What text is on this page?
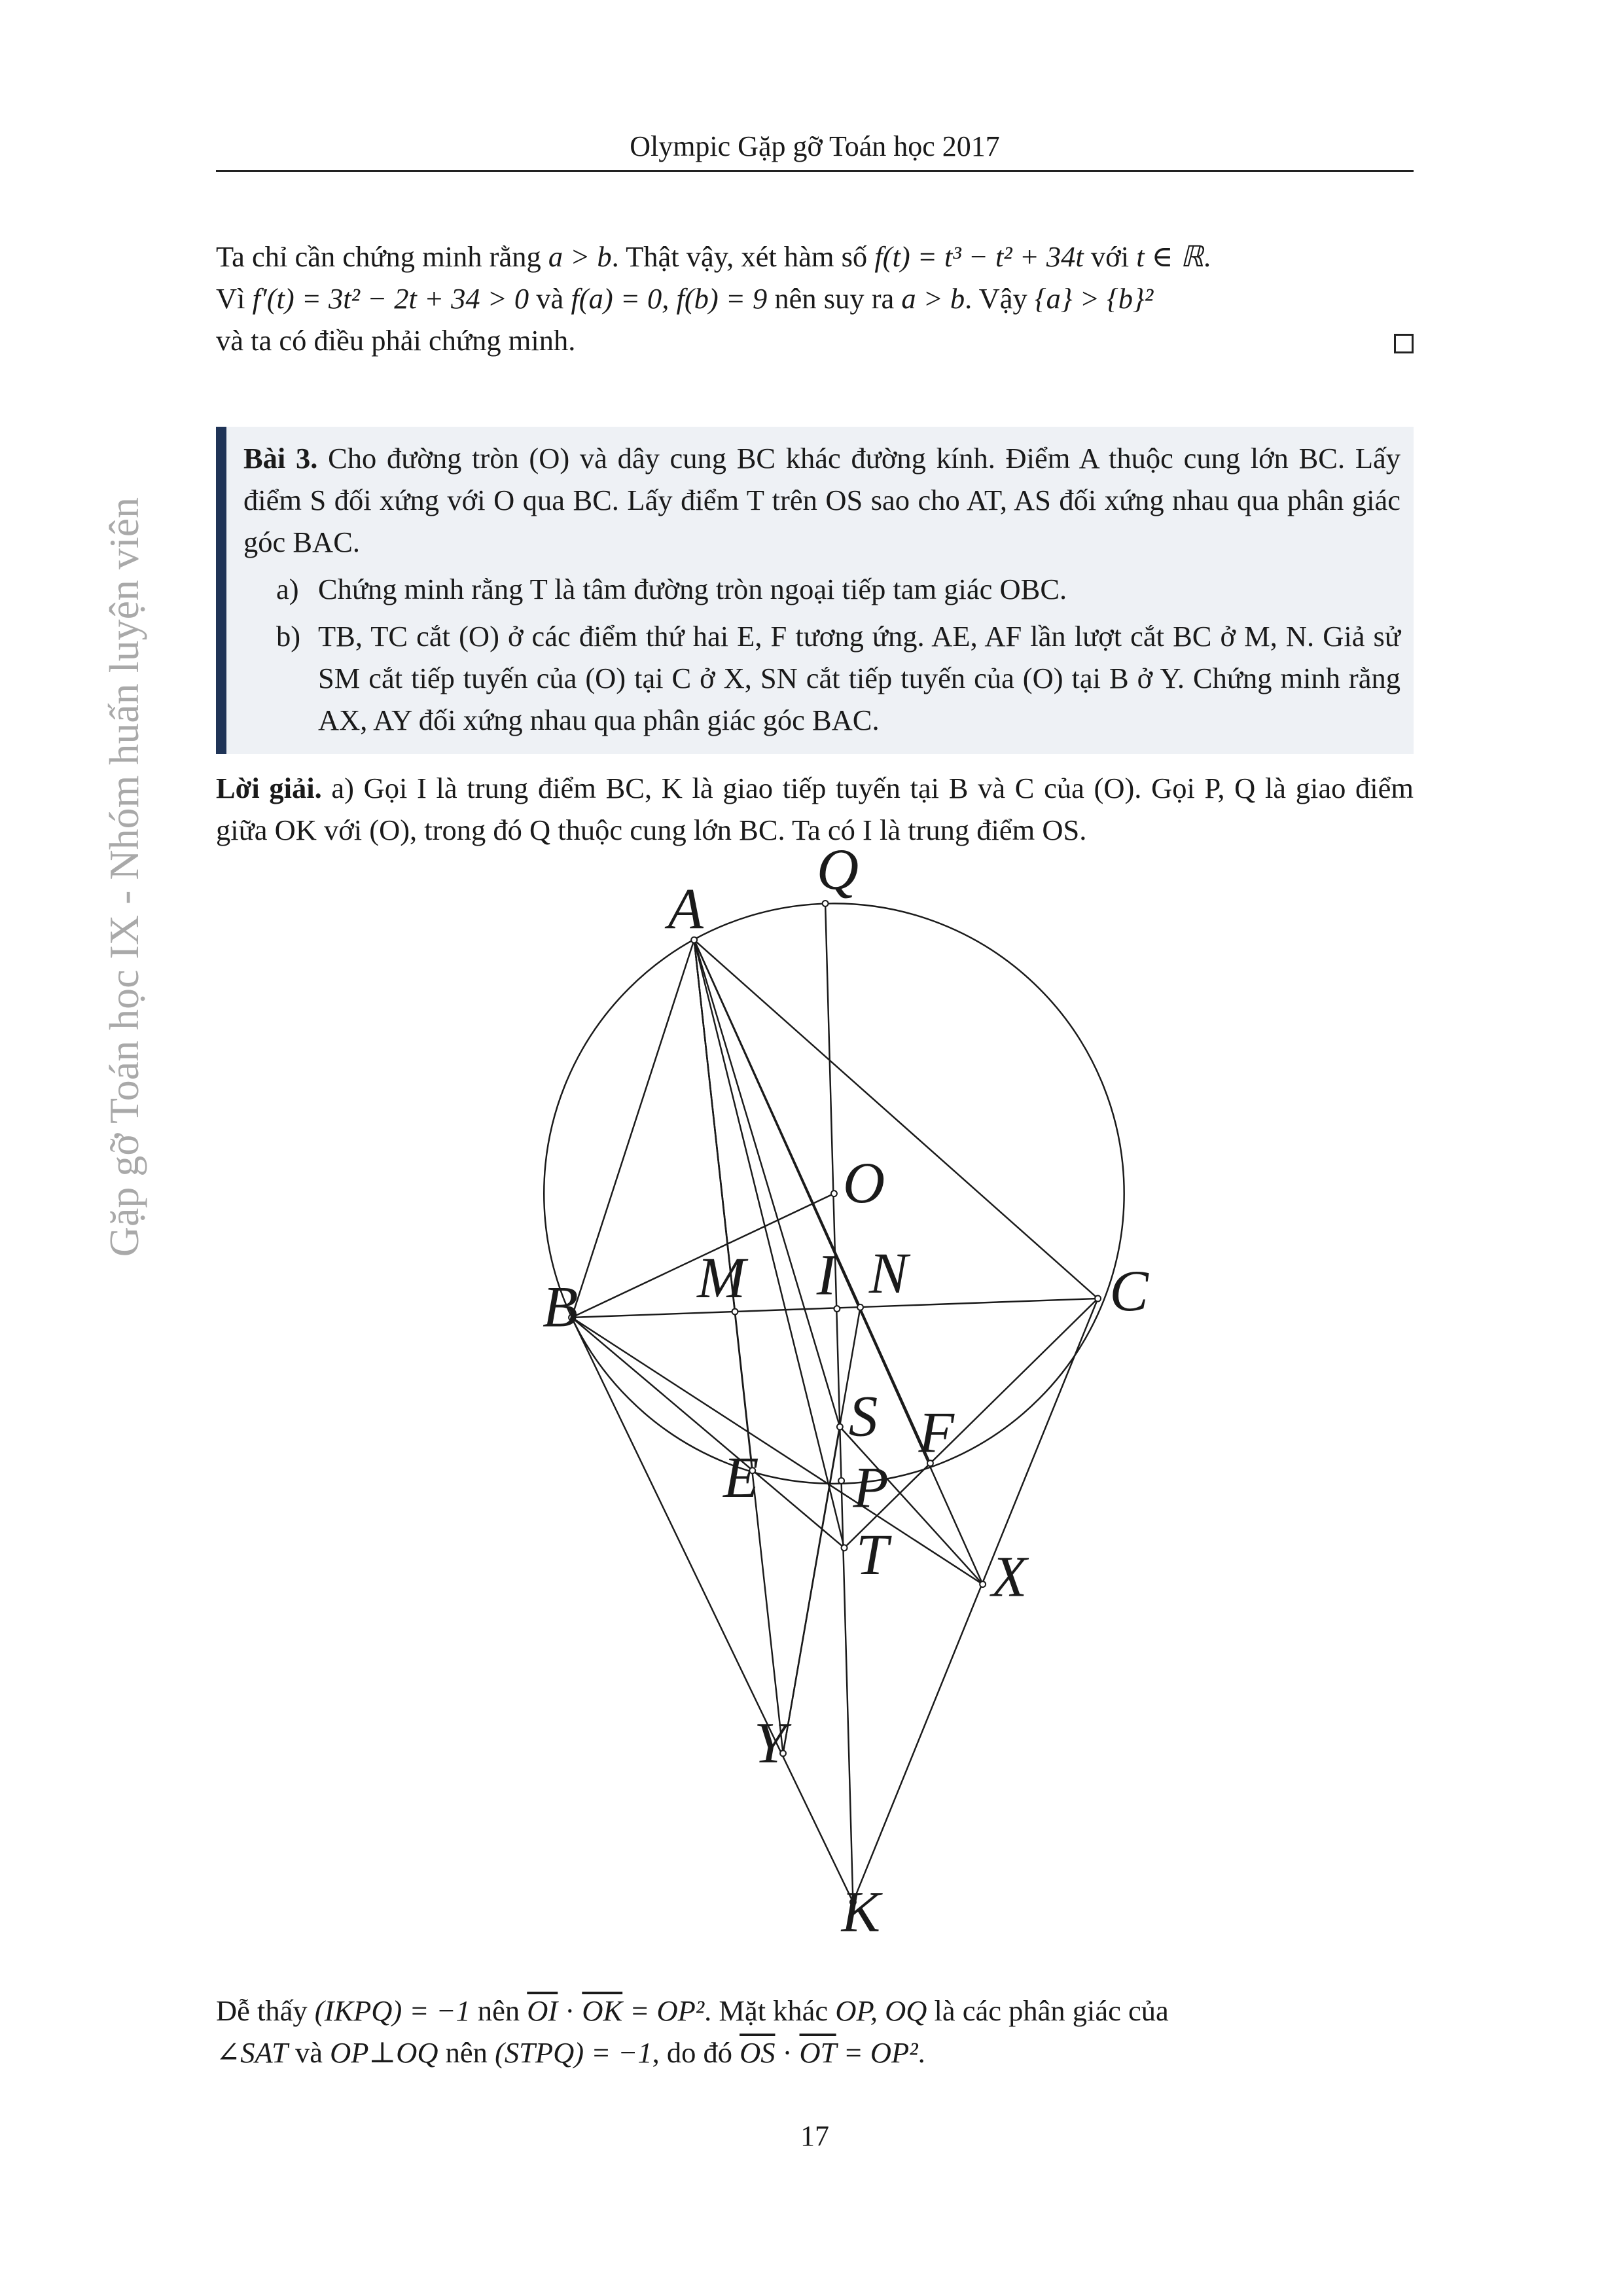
Olympic Gặp gỡ Toán học 2017
Gặp gỡ Toán học IX - Nhóm huấn luyện viên
Ta chỉ cần chứng minh rằng a > b. Thật vậy, xét hàm số f(t) = t³ − t² + 34t với t ∈ ℝ.
Vì f′(t) = 3t² − 2t + 34 > 0 và f(a) = 0, f(b) = 9 nên suy ra a > b. Vậy {a} > {b}²
và ta có điều phải chứng minh.
Bài 3. Cho đường tròn (O) và dây cung BC khác đường kính. Điểm A thuộc cung lớn BC. Lấy điểm S đối xứng với O qua BC. Lấy điểm T trên OS sao cho AT, AS đối xứng nhau qua phân giác góc BAC.
a) Chứng minh rằng T là tâm đường tròn ngoại tiếp tam giác OBC.
b) TB, TC cắt (O) ở các điểm thứ hai E, F tương ứng. AE, AF lần lượt cắt BC ở M, N. Giả sử SM cắt tiếp tuyến của (O) tại C ở X, SN cắt tiếp tuyến của (O) tại B ở Y. Chứng minh rằng AX, AY đối xứng nhau qua phân giác góc BAC.
Lời giải. a) Gọi I là trung điểm BC, K là giao tiếp tuyến tại B và C của (O). Gọi P, Q là giao điểm giữa OK với (O), trong đó Q thuộc cung lớn BC. Ta có I là trung điểm OS.
Q
A
O
B	C
M	I N
S F
E	P
T	X
Y
K
Dễ thấy (IKPQ) = −1 nên $\overline{OI} \cdot \overline{OK} = OP^2$. Mặt khác OP, OQ là các phân giác của
∠SAT và OP⊥OQ nên (STPQ) = −1, do đó $\overline{OS} \cdot \overline{OT} = OP^2$.
17
